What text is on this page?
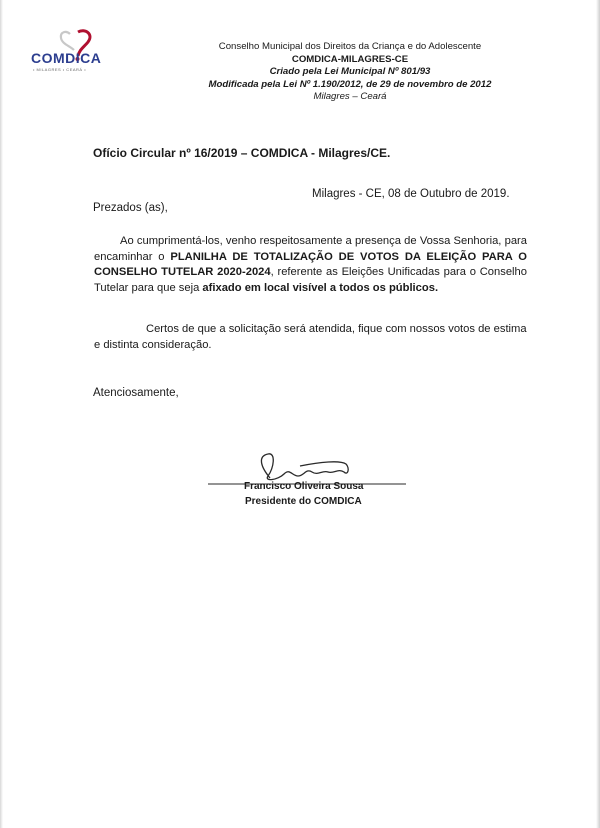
COMDICA
• MILAGRES • CEARÁ •
Conselho Municipal dos Direitos da Criança e do Adolescente
COMDICA-MILAGRES-CE
Criado pela Lei Municipal Nº 801/93
Modificada pela Lei Nº 1.190/2012, de 29 de novembro de 2012
Milagres – Ceará
Ofício Circular nº 16/2019 – COMDICA - Milagres/CE.
Milagres - CE, 08 de Outubro de 2019.
Prezados (as),
Ao cumprimentá-los, venho respeitosamente a presença de Vossa Senhoria, para encaminhar o PLANILHA DE TOTALIZAÇÃO DE VOTOS DA ELEIÇÃO PARA O CONSELHO TUTELAR 2020-2024, referente as Eleições Unificadas para o Conselho Tutelar para que seja afixado em local visível a todos os públicos.
Certos de que a solicitação será atendida, fique com nossos votos de estima e distinta consideração.
Atenciosamente,
Francisco Oliveira Sousa
Presidente do COMDICA
